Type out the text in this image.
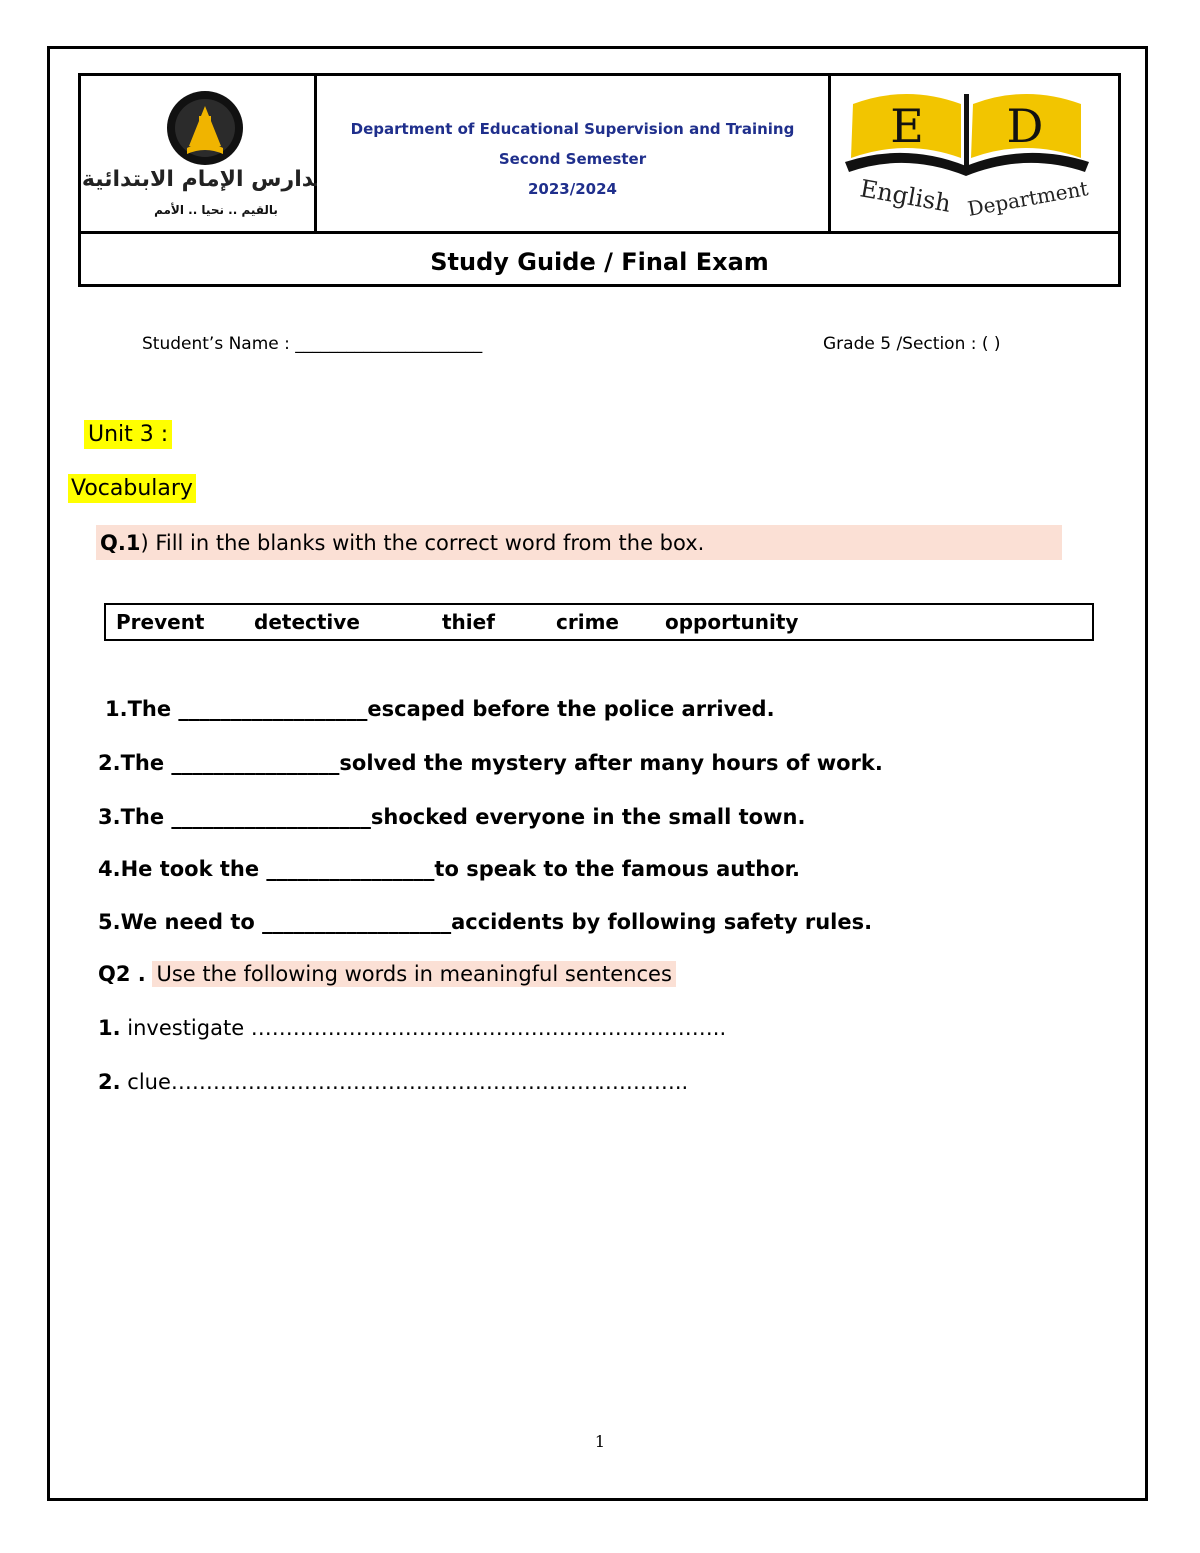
مدارس الإمام الابتدائية
بالقيم .. نحيا .. الأمم
Department of Educational Supervision and Training
Second Semester
2023/2024
E D
English Department
Study Guide / Final Exam
Student’s Name : ______________________	Grade 5 /Section : ( )
Unit 3 :
Vocabulary
Q.1) Fill in the blanks with the correct word from the box.
Prevent detective	thief	crime opportunity
1.The __________________escaped before the police arrived.
2.The ________________solved the mystery after many hours of work.
3.The ___________________shocked everyone in the small town.
4.He took the ________________to speak to the famous author.
5.We need to __________________accidents by following safety rules.
Q2 . Use the following words in meaningful sentences
1. investigate …………………………………………………………..
2. clue………………………………………………………………..
1
